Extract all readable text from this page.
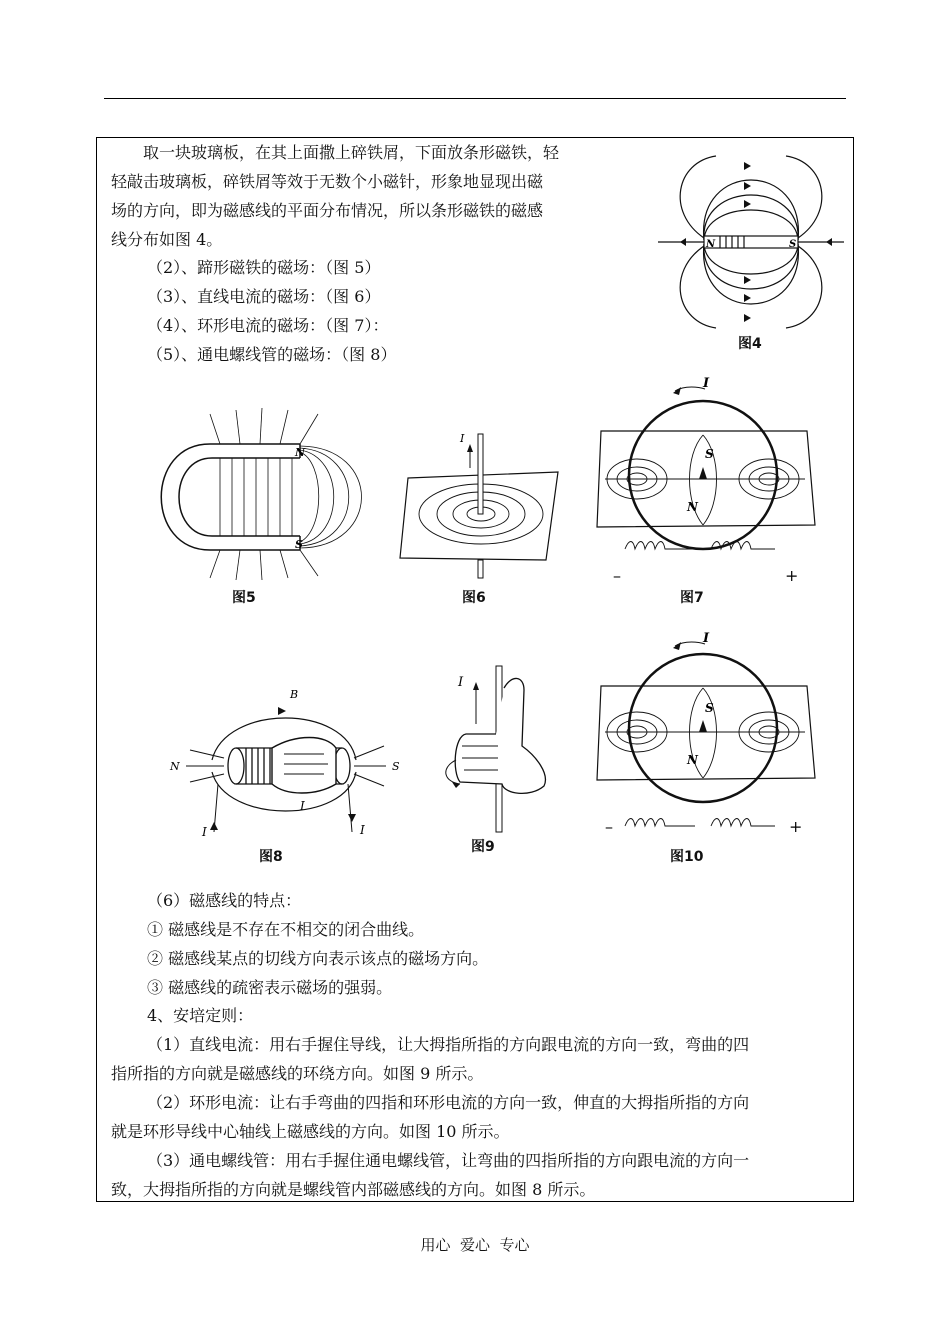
取一块玻璃板，在其上面撒上碎铁屑，下面放条形磁铁，轻
轻敲击玻璃板，碎铁屑等效于无数个小磁针，形象地显现出磁
场的方向，即为磁感线的平面分布情况，所以条形磁铁的磁感
线分布如图 4。
（2）、蹄形磁铁的磁场：（图 5）
（3）、直线电流的磁场：（图 6）
（4）、环形电流的磁场：（图 7）：
（5）、通电螺线管的磁场：（图 8）
N	S
图4
N
S
图5
I
图6
I
S
N
–	+
图7
B
N	S
I
I	I
图8
I
图9
I
S
N
–	+
图10
（6）磁感线的特点：
① 磁感线是不存在不相交的闭合曲线。
② 磁感线某点的切线方向表示该点的磁场方向。
③ 磁感线的疏密表示磁场的强弱。
4、安培定则：
（1）直线电流：用右手握住导线，让大拇指所指的方向跟电流的方向一致，弯曲的四
指所指的方向就是磁感线的环绕方向。如图 9 所示。
（2）环形电流：让右手弯曲的四指和环形电流的方向一致，伸直的大拇指所指的方向
就是环形导线中心轴线上磁感线的方向。如图 10 所示。
（3）通电螺线管：用右手握住通电螺线管，让弯曲的四指所指的方向跟电流的方向一
致，大拇指所指的方向就是螺线管内部磁感线的方向。如图 8 所示。
用心  爱心  专心
